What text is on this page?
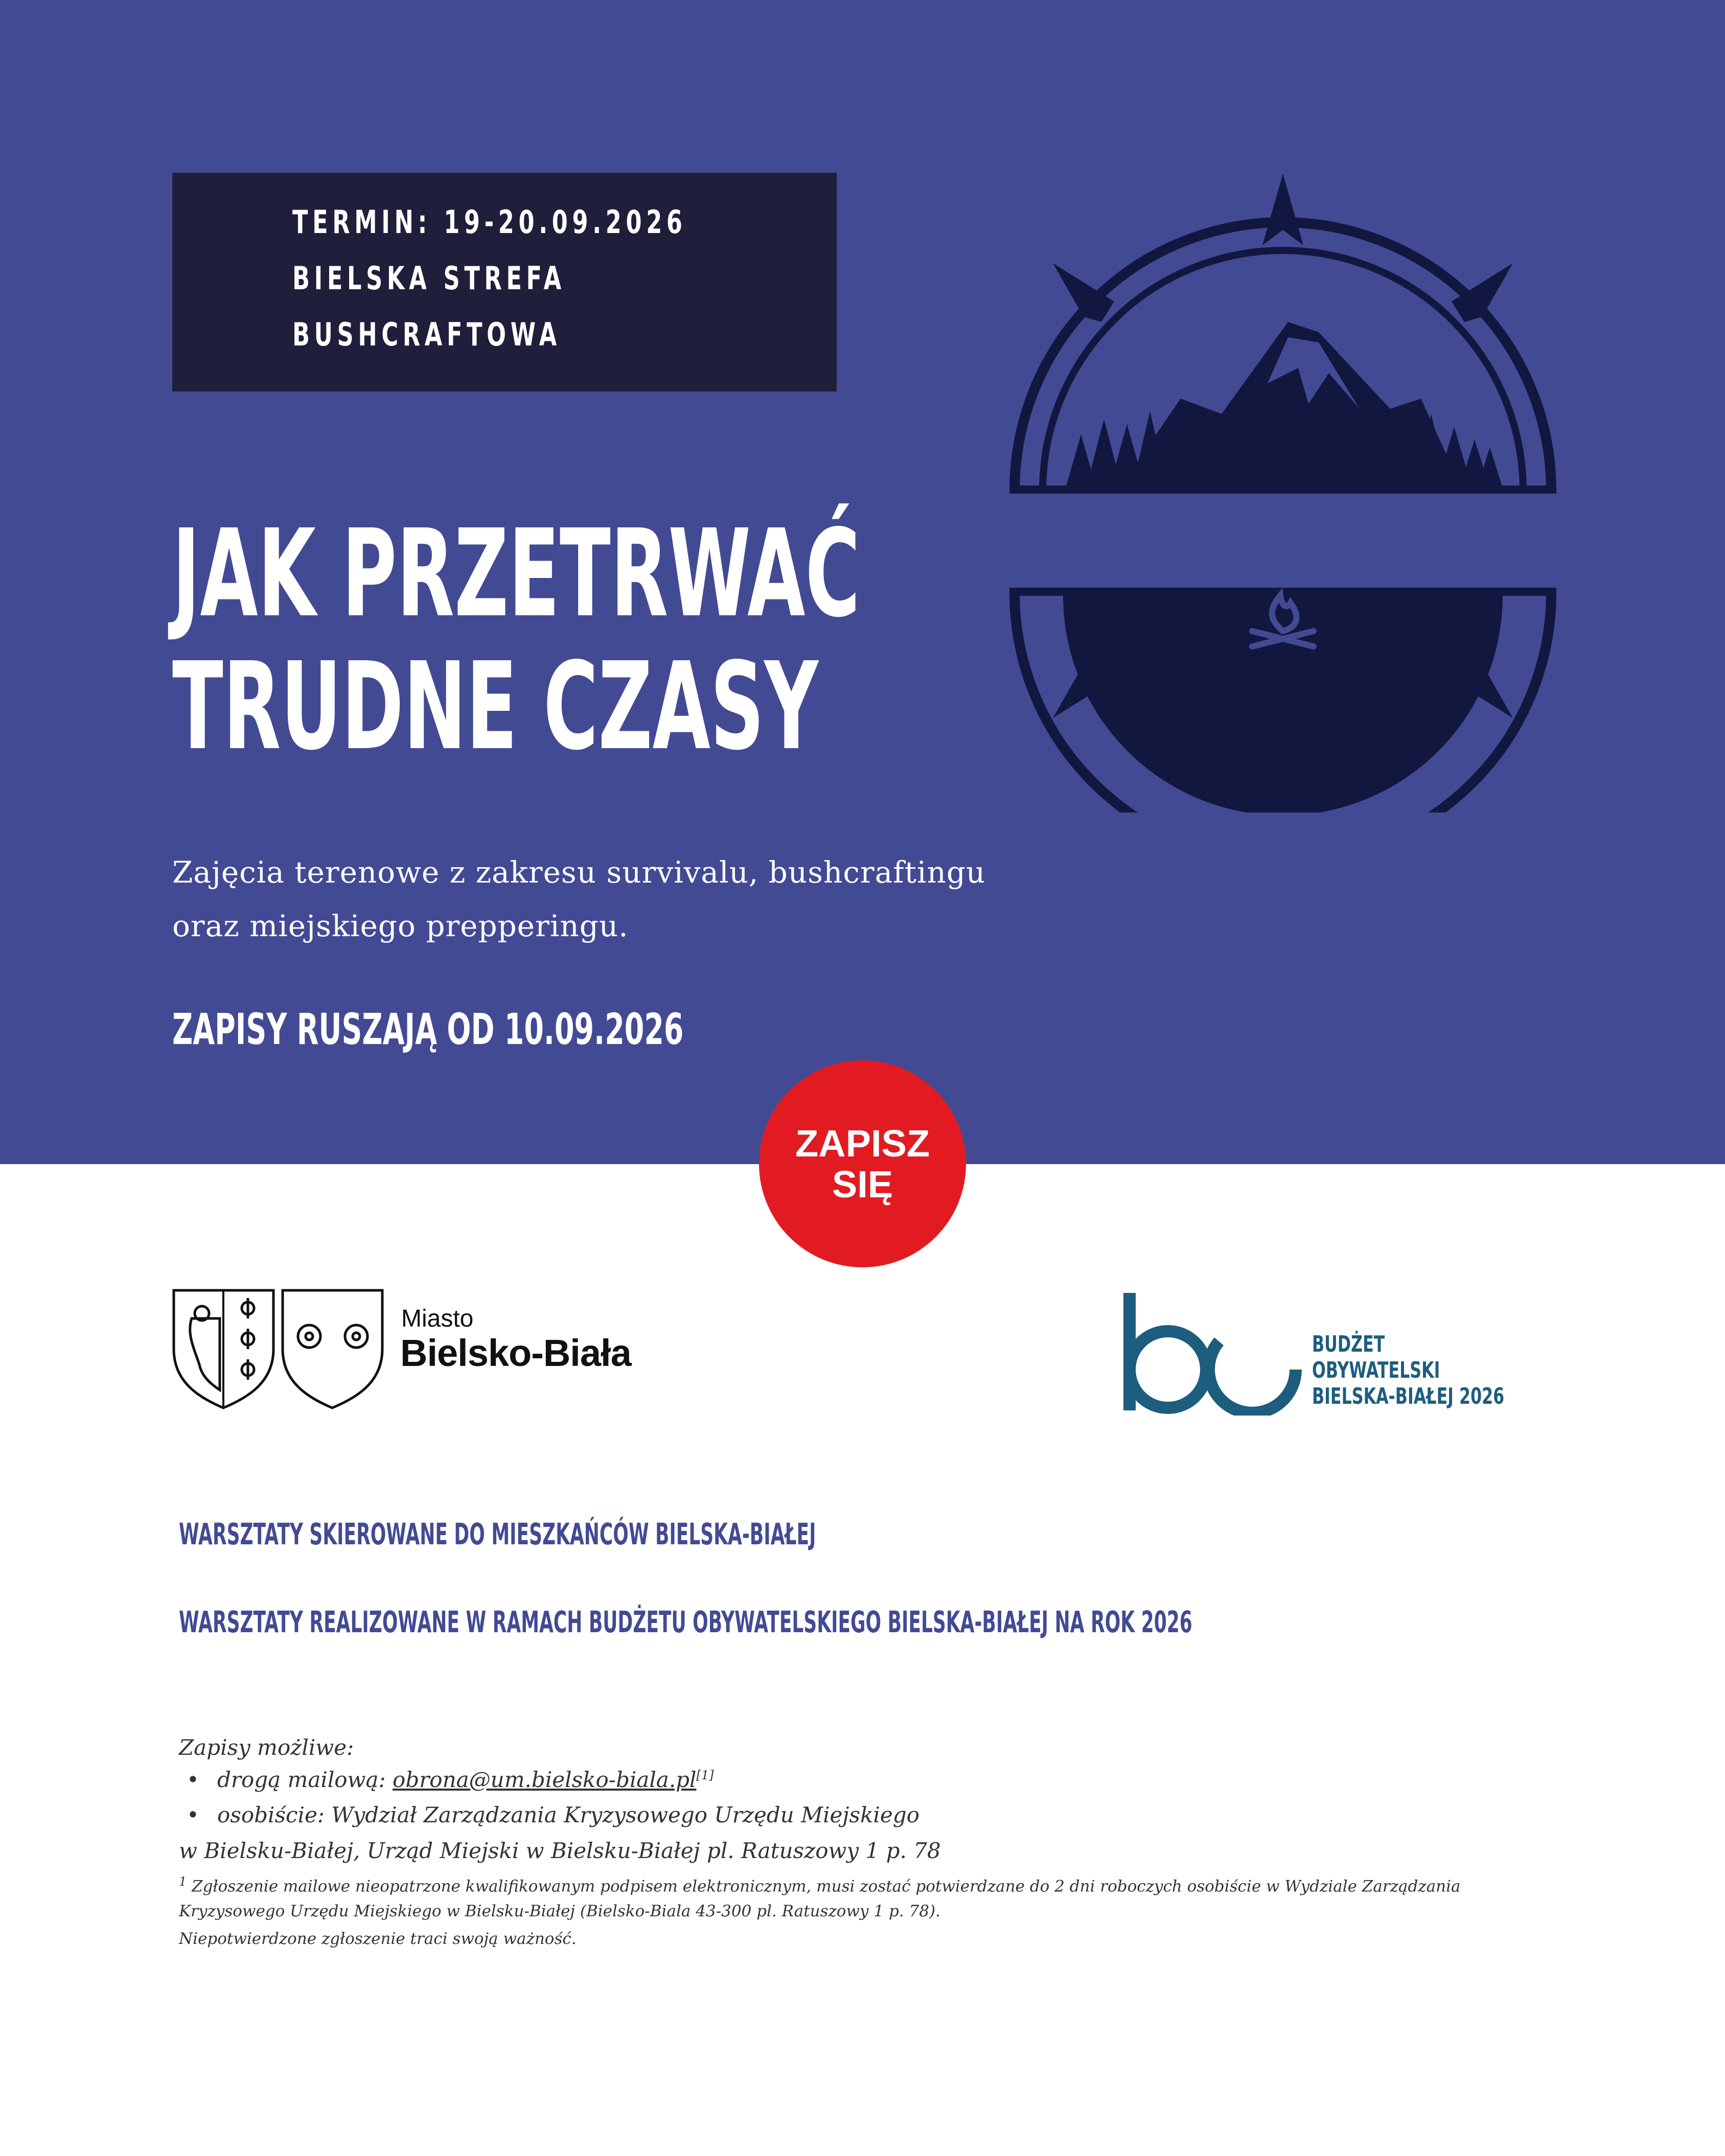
TERMIN: 19-20.09.2026
BIELSKA STREFA
BUSHCRAFTOWA
JAK PRZETRWAĆ
TRUDNE CZASY
Zajęcia terenowe z zakresu survivalu, bushcraftingu
oraz miejskiego prepperingu.
ZAPISY RUSZAJĄ OD 10.09.2026
ZAPISZ
SIĘ
Miasto
Bielsko-Biała	BUDŻET
OBYWATELSKI
BIELSKA-BIAŁEJ 2026
WARSZTATY SKIEROWANE DO MIESZKAŃCÓW BIELSKA-BIAŁEJ
WARSZTATY REALIZOWANE W RAMACH BUDŻETU OBYWATELSKIEGO BIELSKA-BIAŁEJ NA ROK 2026
Zapisy możliwe:
• drogą mailową: obrona@um.bielsko-biala.pl[1]
• osobiście: Wydział Zarządzania Kryzysowego Urzędu Miejskiego
w Bielsku-Białej, Urząd Miejski w Bielsku-Białej pl. Ratuszowy 1 p. 78
$^1$ Zgłoszenie mailowe nieopatrzone kwalifikowanym podpisem elektronicznym, musi zostać potwierdzane do 2 dni roboczych osobiście w Wydziale Zarządzania
Kryzysowego Urzędu Miejskiego w Bielsku-Białej (Bielsko-Biala 43-300 pl. Ratuszowy 1 p. 78).
Niepotwierdzone zgłoszenie traci swoją ważność.
